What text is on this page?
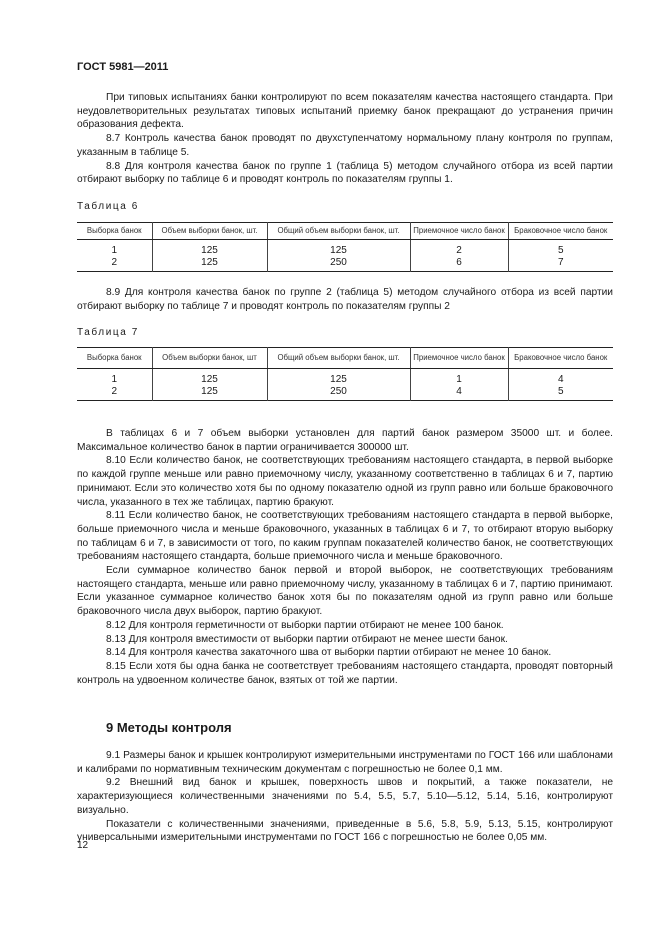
ГОСТ 5981—2011

При типовых испытаниях банки контролируют по всем показателям качества настоящего стандарта. При неудовлетворительных результатах типовых испытаний приемку банок прекращают до устранения причин образования дефекта.

8.7 Контроль качества банок проводят по двухступенчатому нормальному плану контроля по группам, указанным в таблице 5.

8.8 Для контроля качества банок по группе 1 (таблица 5) методом случайного отбора из всей партии отбирают выборку по таблице 6 и проводят контроль по показателям группы 1.

Таблица 6
Выборка банок	Объем выборки банок, шт.	Общий объем выборки банок, шт.	Приемочное число банок	Браковочное число банок
1	125	125	2	5
2	125	250	6	7

8.9 Для контроля качества банок по группе 2 (таблица 5) методом случайного отбора из всей партии отбирают выборку по таблице 7 и проводят контроль по показателям группы 2

Таблица 7
Выборка банок	Объем выборки банок, шт	Общий объем выборки банок, шт.	Приемочное число банок	Браковочное число банок
1	125	125	1	4
2	125	250	4	5

В таблицах 6 и 7 объем выборки установлен для партий банок размером 35000 шт. и более. Максимальное количество банок в партии ограничивается 300000 шт.

8.10 Если количество банок, не соответствующих требованиям настоящего стандарта, в первой выборке по каждой группе меньше или равно приемочному числу, указанному соответственно в таблицах 6 и 7, партию принимают. Если это количество хотя бы по одному показателю одной из групп равно или больше браковочного числа, указанного в тех же таблицах, партию бракуют.

8.11 Если количество банок, не соответствующих требованиям настоящего стандарта в первой выборке, больше приемочного числа и меньше браковочного, указанных в таблицах 6 и 7, то отбирают вторую выборку по таблицам 6 и 7, в зависимости от того, по каким группам показателей количество банок, не соответствующих требованиям настоящего стандарта, больше приемочного числа и меньше браковочного.

Если суммарное количество банок первой и второй выборок, не соответствующих требованиям настоящего стандарта, меньше или равно приемочному числу, указанному в таблицах 6 и 7, партию принимают. Если указанное суммарное количество банок хотя бы по показателям одной из групп равно или больше браковочного числа двух выборок, партию бракуют.

8.12 Для контроля герметичности от выборки партии отбирают не менее 100 банок.

8.13 Для контроля вместимости от выборки партии отбирают не менее шести банок.

8.14 Для контроля качества закаточного шва от выборки партии отбирают не менее 10 банок.

8.15 Если хотя бы одна банка не соответствует требованиям настоящего стандарта, проводят повторный контроль на удвоенном количестве банок, взятых от той же партии.

9 Методы контроля

9.1 Размеры банок и крышек контролируют измерительными инструментами по ГОСТ 166 или шаблонами и калибрами по нормативным техническим документам с погрешностью не более 0,1 мм.

9.2 Внешний вид банок и крышек, поверхность швов и покрытий, а также показатели, не характеризующиеся количественными значениями по 5.4, 5.5, 5.7, 5.10—5.12, 5.14, 5.16, контролируют визуально.

Показатели с количественными значениями, приведенные в 5.6, 5.8, 5.9, 5.13, 5.15, контролируют универсальными измерительными инструментами по ГОСТ 166 с погрешностью не более 0,05 мм.

12
